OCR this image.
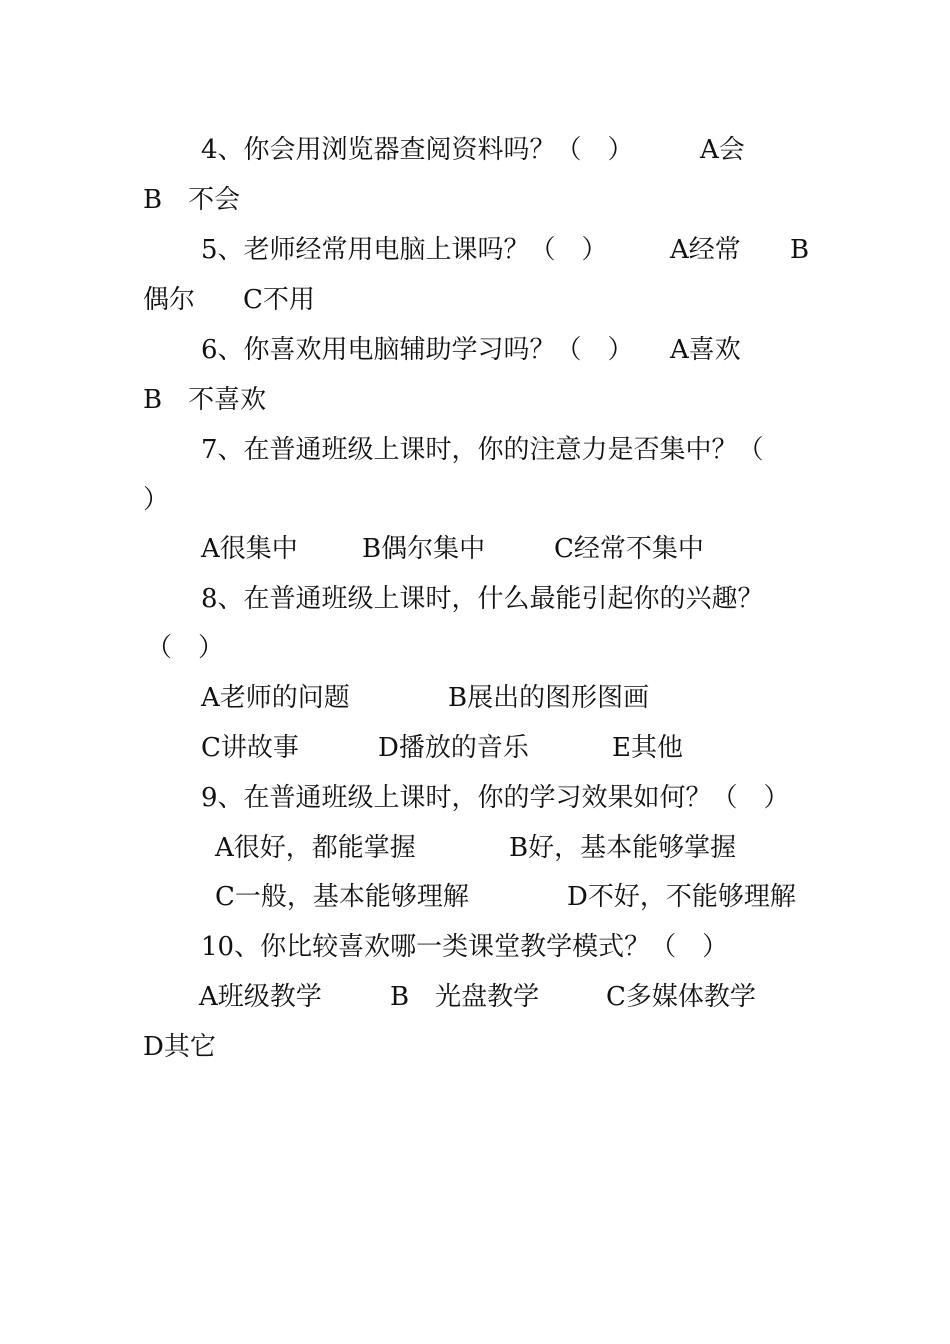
4、你会用浏览器查阅资料吗？（　）	A会
B　不会
5、老师经常用电脑上课吗？（　） A经常 B
偶尔 C不用
6、你喜欢用电脑辅助学习吗？（　） A喜欢
B　不喜欢
7、在普通班级上课时，你的注意力是否集中？（
）
A很集中 B偶尔集中	C经常不集中
8、在普通班级上课时，什么最能引起你的兴趣？
（　）
A老师的问题	B展出的图形图画
C讲故事	D播放的音乐	E其他
9、在普通班级上课时，你的学习效果如何？（　）
A很好，都能掌握	B好，基本能够掌握
C一般，基本能够理解	D不好，不能够理解
10、你比较喜欢哪一类课堂教学模式？（　）
A班级教学	B　光盘教学	C多媒体教学
D其它
